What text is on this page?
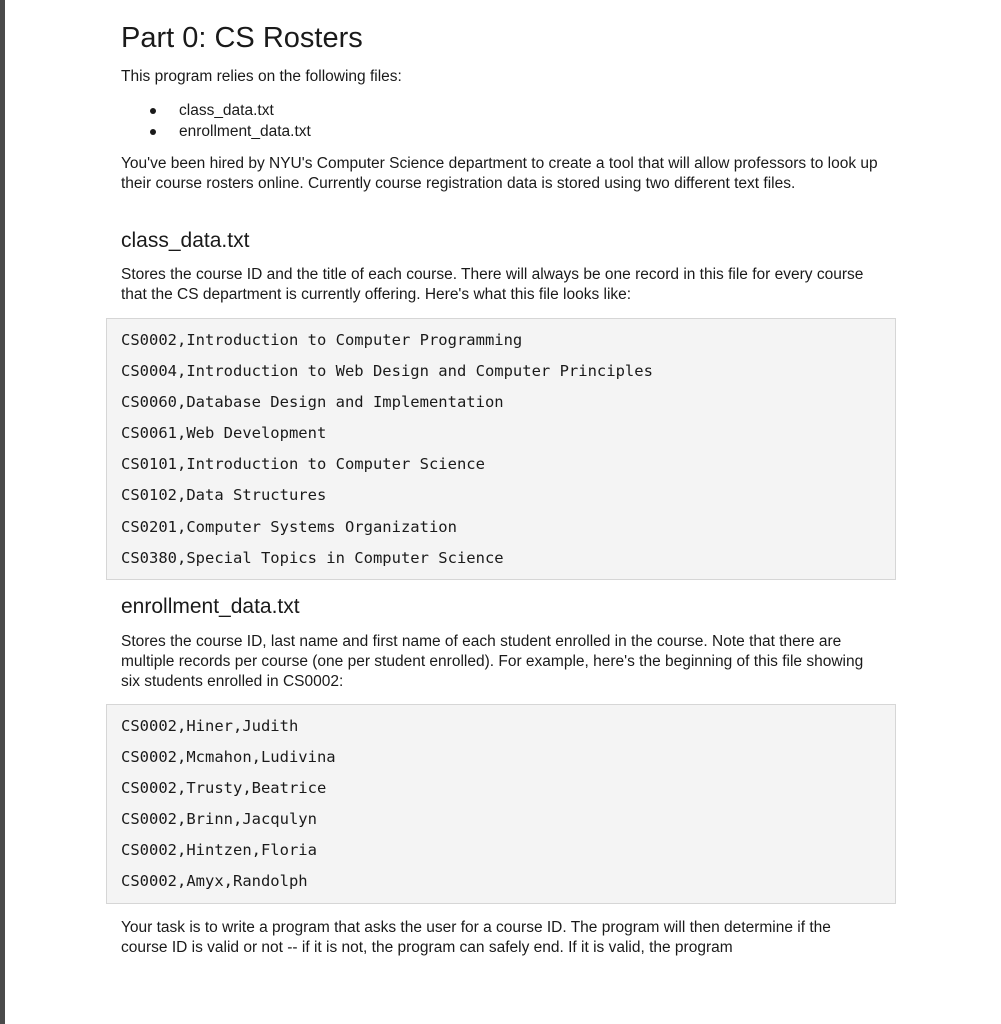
Part 0: CS Rosters

This program relies on the following files:

class_data.txt
enrollment_data.txt

You've been hired by NYU's Computer Science department to create a tool that will allow professors to look up their course rosters online. Currently course registration data is stored using two different text files.

class_data.txt

Stores the course ID and the title of each course. There will always be one record in this file for every course that the CS department is currently offering. Here's what this file looks like:

CS0002,Introduction to Computer Programming
CS0004,Introduction to Web Design and Computer Principles
CS0060,Database Design and Implementation
CS0061,Web Development
CS0101,Introduction to Computer Science
CS0102,Data Structures
CS0201,Computer Systems Organization
CS0380,Special Topics in Computer Science
enrollment_data.txt

Stores the course ID, last name and first name of each student enrolled in the course. Note that there are multiple records per course (one per student enrolled). For example, here's the beginning of this file showing six students enrolled in CS0002:

CS0002,Hiner,Judith
CS0002,Mcmahon,Ludivina
CS0002,Trusty,Beatrice
CS0002,Brinn,Jacqulyn
CS0002,Hintzen,Floria
CS0002,Amyx,Randolph

Your task is to write a program that asks the user for a course ID. The program will then determine if the course ID is valid or not -- if it is not, the program can safely end. If it is valid, the program
